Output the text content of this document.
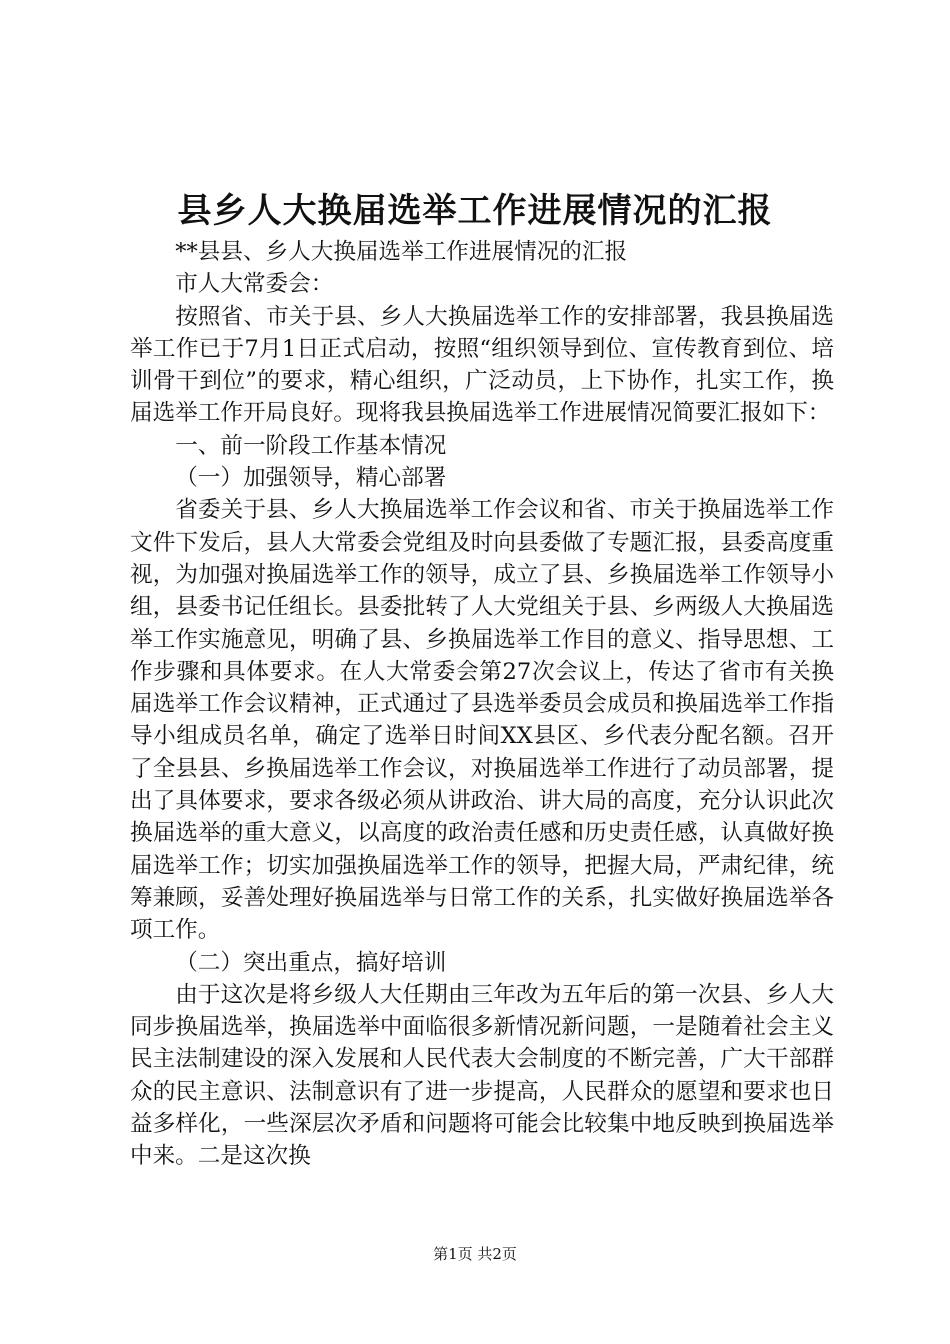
县乡人大换届选举工作进展情况的汇报

**县县、乡人大换届选举工作进展情况的汇报

市人大常委会：

按照省、市关于县、乡人大换届选举工作的安排部署，我县换届选举工作已于7月1日正式启动，按照“组织领导到位、宣传教育到位、培训骨干到位”的要求，精心组织，广泛动员，上下协作，扎实工作，换届选举工作开局良好。现将我县换届选举工作进展情况简要汇报如下：

一、前一阶段工作基本情况

（一）加强领导，精心部署

省委关于县、乡人大换届选举工作会议和省、市关于换届选举工作文件下发后，县人大常委会党组及时向县委做了专题汇报，县委高度重视，为加强对换届选举工作的领导，成立了县、乡换届选举工作领导小组，县委书记任组长。县委批转了人大党组关于县、乡两级人大换届选举工作实施意见，明确了县、乡换届选举工作目的意义、指导思想、工作步骤和具体要求。在人大常委会第27次会议上，传达了省市有关换届选举工作会议精神，正式通过了县选举委员会成员和换届选举工作指导小组成员名单，确定了选举日时间XX县区、乡代表分配名额。召开了全县县、乡换届选举工作会议，对换届选举工作进行了动员部署，提出了具体要求，要求各级必须从讲政治、讲大局的高度，充分认识此次换届选举的重大意义，以高度的政治责任感和历史责任感，认真做好换届选举工作；切实加强换届选举工作的领导，把握大局，严肃纪律，统筹兼顾，妥善处理好换届选举与日常工作的关系，扎实做好换届选举各项工作。

（二）突出重点，搞好培训

由于这次是将乡级人大任期由三年改为五年后的第一次县、乡人大同步换届选举，换届选举中面临很多新情况新问题，一是随着社会主义民主法制建设的深入发展和人民代表大会制度的不断完善，广大干部群众的民主意识、法制意识有了进一步提高，人民群众的愿望和要求也日益多样化，一些深层次矛盾和问题将可能会比较集中地反映到换届选举中来。二是这次换

第1页 共2页
